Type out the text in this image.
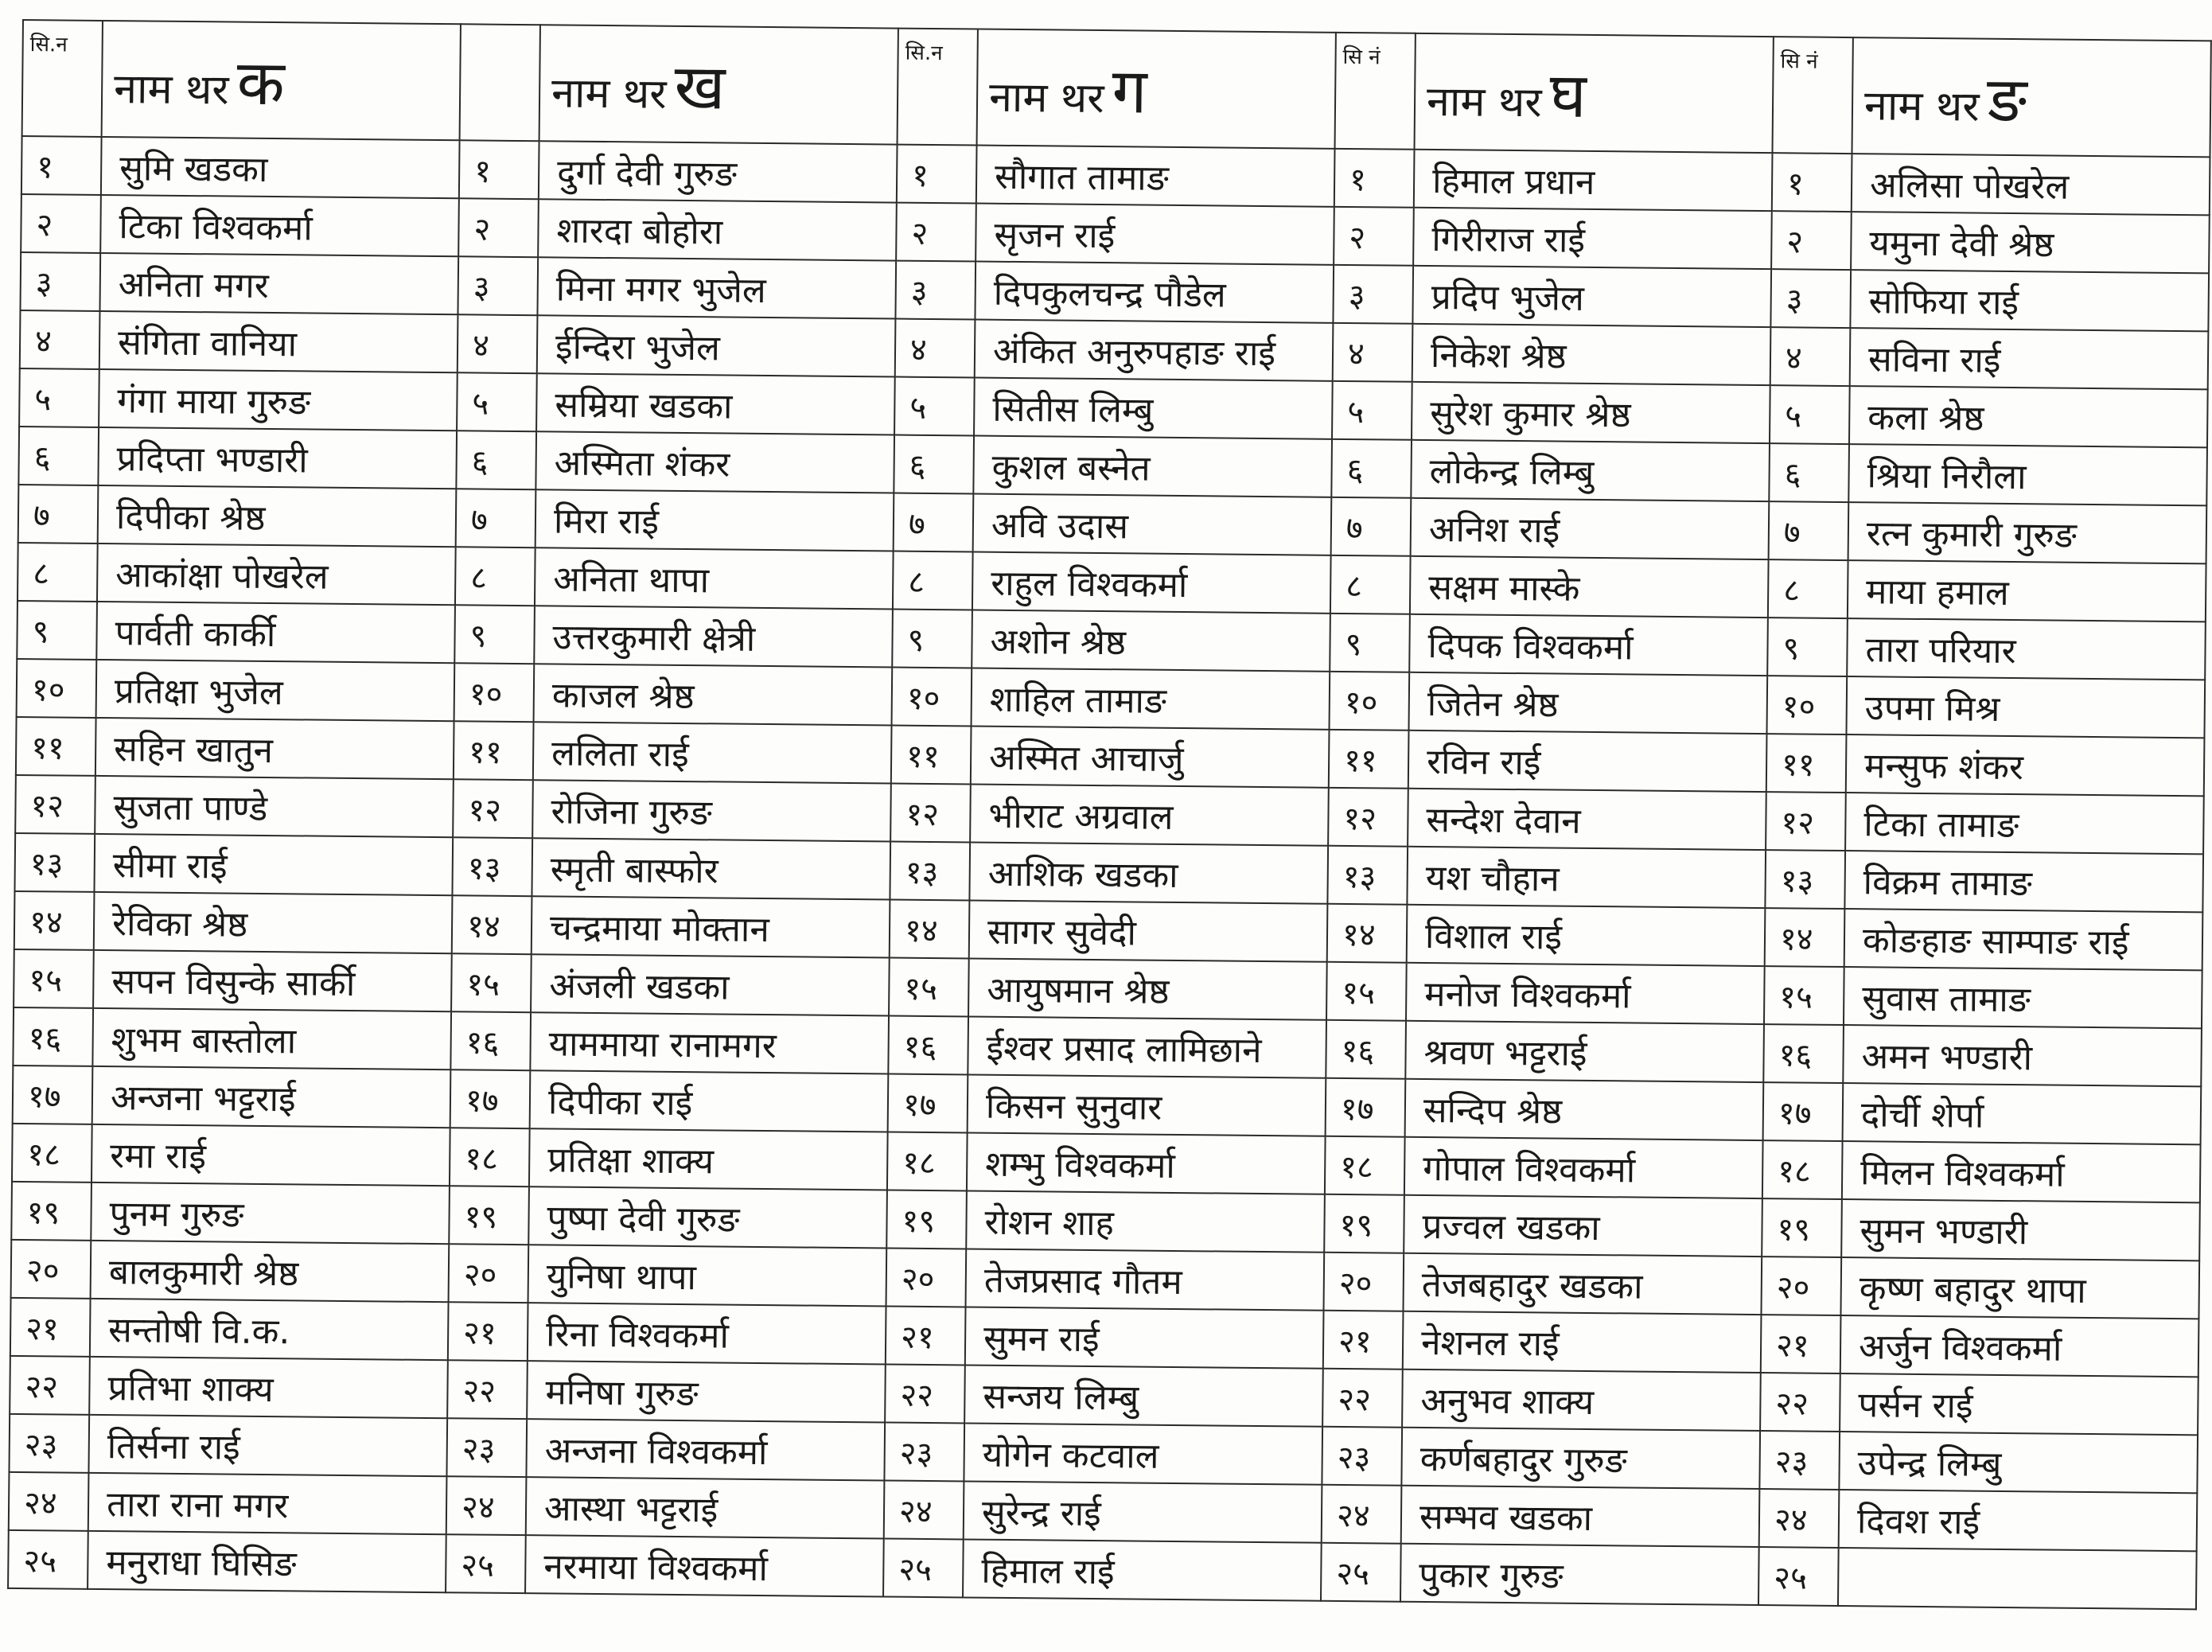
सि.न	नाम थर क		नाम थर ख	सि.न	नाम थर ग	सि नं	नाम थर घ	सि नं	नाम थर ङ
१	सुमि खडका	१	दुर्गा देवी गुरुङ	१	सौगात तामाङ	१	हिमाल प्रधान	१	अलिसा पोखरेल
२	टिका विश्वकर्मा	२	शारदा बोहोरा	२	सृजन राई	२	गिरीराज राई	२	यमुना देवी श्रेष्ठ
३	अनिता मगर	३	मिना मगर भुजेल	३	दिपकुलचन्द्र पौडेल	३	प्रदिप भुजेल	३	सोफिया राई
४	संगिता वानिया	४	ईन्दिरा भुजेल	४	अंकित अनुरुपहाङ राई	४	निकेश श्रेष्ठ	४	सविना राई
५	गंगा माया गुरुङ	५	सम्रिया खडका	५	सितीस लिम्बु	५	सुरेश कुमार श्रेष्ठ	५	कला श्रेष्ठ
६	प्रदिप्ता भण्डारी	६	अस्मिता शंकर	६	कुशल बस्नेत	६	लोकेन्द्र लिम्बु	६	श्रिया निरौला
७	दिपीका श्रेष्ठ	७	मिरा राई	७	अवि उदास	७	अनिश राई	७	रत्न कुमारी गुरुङ
८	आकांक्षा पोखरेल	८	अनिता थापा	८	राहुल विश्वकर्मा	८	सक्षम मास्के	८	माया हमाल
९	पार्वती कार्की	९	उत्तरकुमारी क्षेत्री	९	अशोन श्रेष्ठ	९	दिपक विश्वकर्मा	९	तारा परियार
१०	प्रतिक्षा भुजेल	१०	काजल श्रेष्ठ	१०	शाहिल तामाङ	१०	जितेन श्रेष्ठ	१०	उपमा मिश्र
११	सहिन खातुन	११	ललिता राई	११	अस्मित आचार्जु	११	रविन राई	११	मन्सुफ शंकर
१२	सुजता पाण्डे	१२	रोजिना गुरुङ	१२	भीराट अग्रवाल	१२	सन्देश देवान	१२	टिका तामाङ
१३	सीमा राई	१३	स्मृती बास्फोर	१३	आशिक खडका	१३	यश चौहान	१३	विक्रम तामाङ
१४	रेविका श्रेष्ठ	१४	चन्द्रमाया मोक्तान	१४	सागर सुवेदी	१४	विशाल राई	१४	कोङहाङ साम्पाङ राई
१५	सपन विसुन्के सार्की	१५	अंजली खडका	१५	आयुषमान श्रेष्ठ	१५	मनोज विश्वकर्मा	१५	सुवास तामाङ
१६	शुभम बास्तोला	१६	याममाया रानामगर	१६	ईश्वर प्रसाद लामिछाने	१६	श्रवण भट्टराई	१६	अमन भण्डारी
१७	अन्जना भट्टराई	१७	दिपीका राई	१७	किसन सुनुवार	१७	सन्दिप श्रेष्ठ	१७	दोर्ची शेर्पा
१८	रमा राई	१८	प्रतिक्षा शाक्य	१८	शम्भु विश्वकर्मा	१८	गोपाल विश्वकर्मा	१८	मिलन विश्वकर्मा
१९	पुनम गुरुङ	१९	पुष्पा देवी गुरुङ	१९	रोशन शाह	१९	प्रज्वल खडका	१९	सुमन भण्डारी
२०	बालकुमारी श्रेष्ठ	२०	युनिषा थापा	२०	तेजप्रसाद गौतम	२०	तेजबहादुर खडका	२०	कृष्ण बहादुर थापा
२१	सन्तोषी वि.क.	२१	रिना विश्वकर्मा	२१	सुमन राई	२१	नेशनल राई	२१	अर्जुन विश्वकर्मा
२२	प्रतिभा शाक्य	२२	मनिषा गुरुङ	२२	सन्जय लिम्बु	२२	अनुभव शाक्य	२२	पर्सन राई
२३	तिर्सना राई	२३	अन्जना विश्वकर्मा	२३	योगेन कटवाल	२३	कर्णबहादुर गुरुङ	२३	उपेन्द्र लिम्बु
२४	तारा राना मगर	२४	आस्था भट्टराई	२४	सुरेन्द्र राई	२४	सम्भव खडका	२४	दिवश राई
२५	मनुराधा घिसिङ	२५	नरमाया विश्वकर्मा	२५	हिमाल राई	२५	पुकार गुरुङ	२५	
